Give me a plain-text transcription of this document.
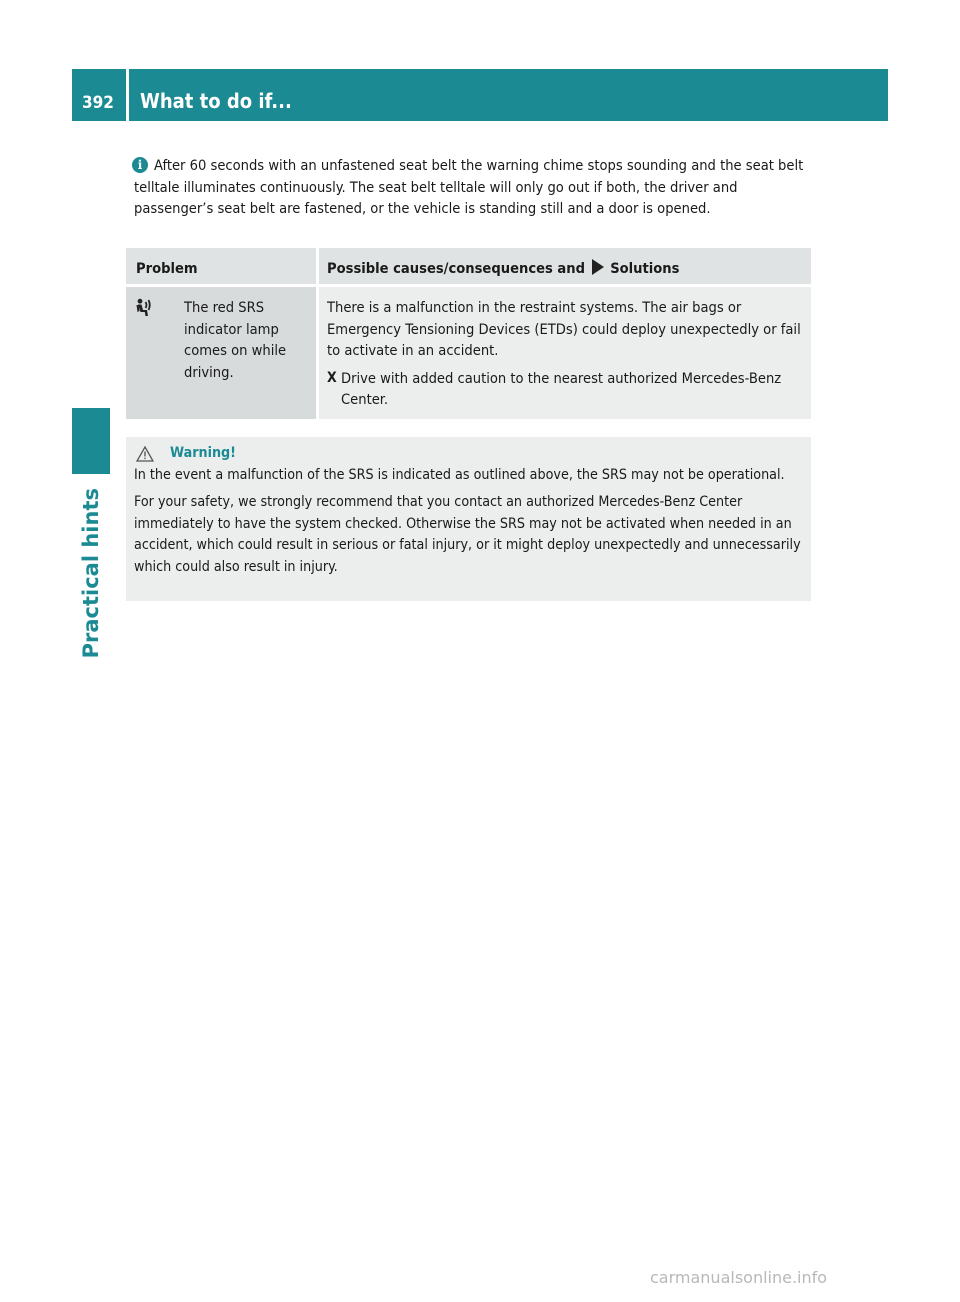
392 What to do if...
Practical hints
i After 60 seconds with an unfastened seat belt the warning chime stops sounding and the seat belt telltale illuminates continuously. The seat belt telltale will only go out if both, the driver and passenger’s seat belt are fastened, or the vehicle is standing still and a door is opened.

Problem	Possible causes/consequences and Solutions
The red SRS indicator lamp comes on while driving.

There is a malfunction in the restraint systems. The air bags or Emergency Tensioning Devices (ETDs) could deploy unexpectedly or fail to activate in an accident.

X Drive with added caution to the nearest authorized Mercedes-Benz Center.
Warning!

In the event a malfunction of the SRS is indicated as outlined above, the SRS may not be operational.

For your safety, we strongly recommend that you contact an authorized Mercedes-Benz Center immediately to have the system checked. Otherwise the SRS may not be activated when needed in an accident, which could result in serious or fatal injury, or it might deploy unexpectedly and unnecessarily which could also result in injury.

carmanualsonline.info
